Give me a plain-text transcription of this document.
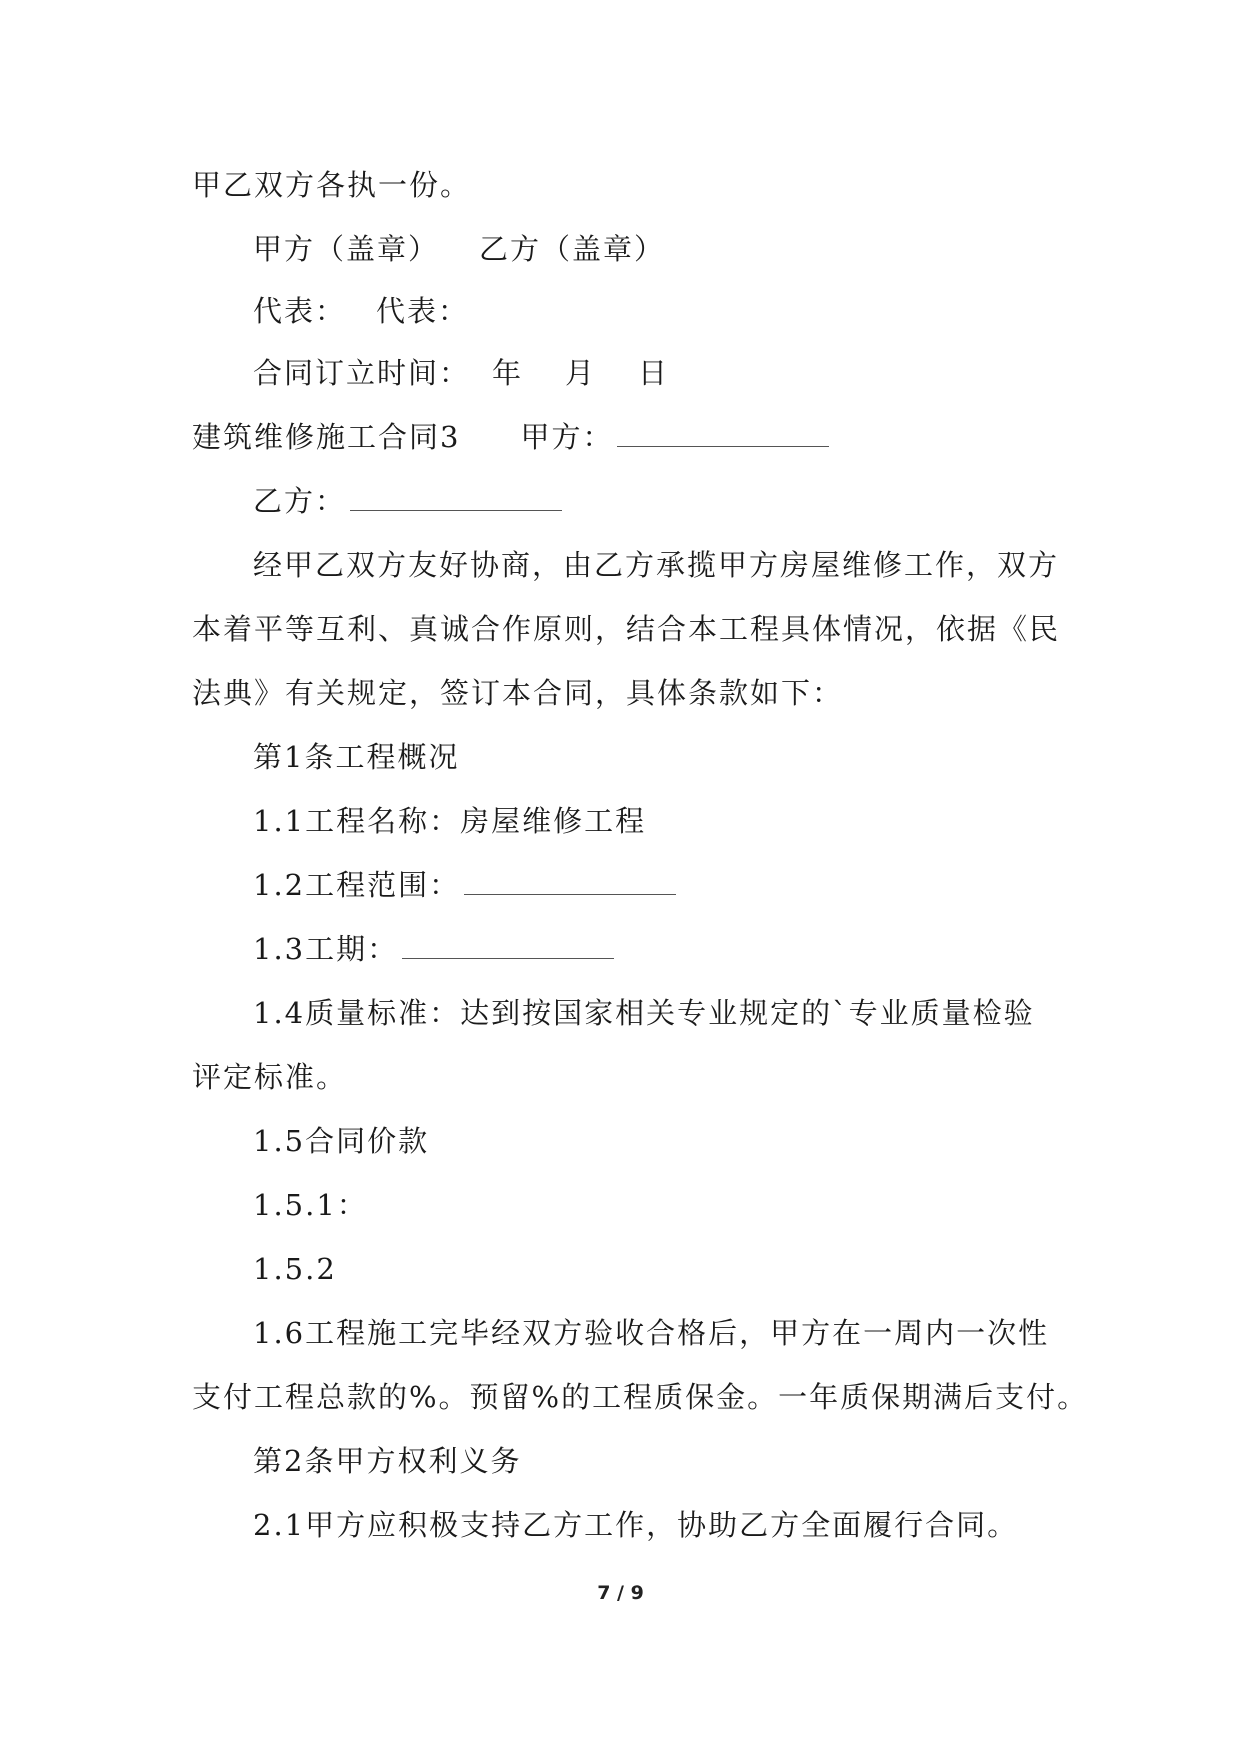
甲乙双方各执一份。
甲方（盖章） 乙方（盖章）
代表： 代表：
合同订立时间： 年 月 日
建筑维修施工合同3 甲方：
乙方：
经甲乙双方友好协商，由乙方承揽甲方房屋维修工作，双方
本着平等互利、真诚合作原则，结合本工程具体情况，依据《民
法典》有关规定，签订本合同，具体条款如下：
第1条工程概况
1.1工程名称：房屋维修工程
1.2工程范围：
1.3工期：
1.4质量标准：达到按国家相关专业规定的`专业质量检验
评定标准。
1.5合同价款
1.5.1：
1.5.2
1.6工程施工完毕经双方验收合格后，甲方在一周内一次性
支付工程总款的%。预留%的工程质保金。一年质保期满后支付。
第2条甲方权利义务
2.1甲方应积极支持乙方工作，协助乙方全面履行合同。
7 / 9
